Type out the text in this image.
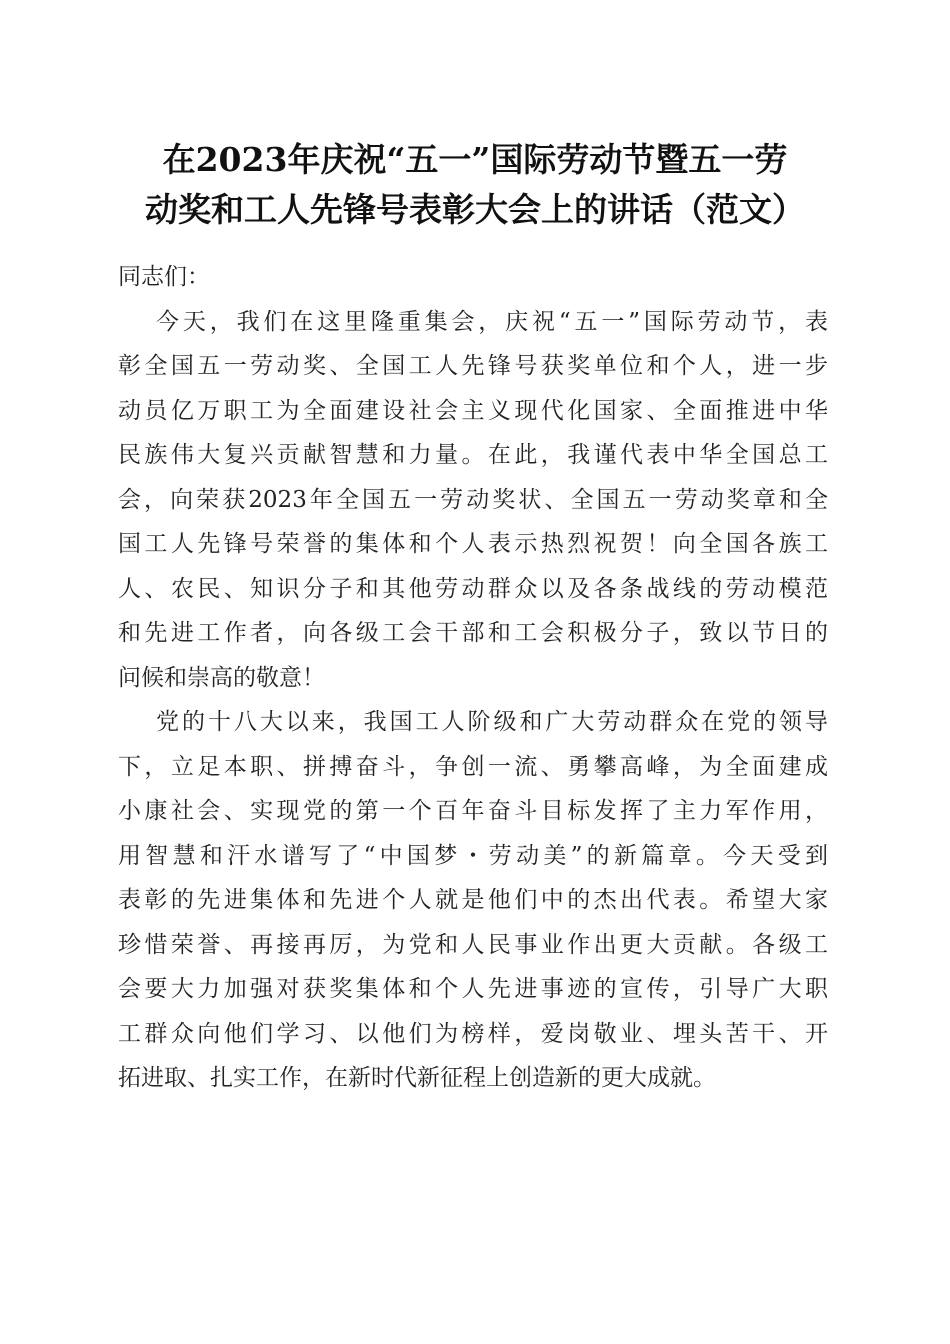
在2023年庆祝“五一”国际劳动节暨五一劳
动奖和工人先锋号表彰大会上的讲话（范文）

同志们：

今天，我们在这里隆重集会，庆祝“五一”国际劳动节，表
彰全国五一劳动奖、全国工人先锋号获奖单位和个人，进一步
动员亿万职工为全面建设社会主义现代化国家、全面推进中华
民族伟大复兴贡献智慧和力量。在此，我谨代表中华全国总工
会，向荣获2023年全国五一劳动奖状、全国五一劳动奖章和全
国工人先锋号荣誉的集体和个人表示热烈祝贺！向全国各族工
人、农民、知识分子和其他劳动群众以及各条战线的劳动模范
和先进工作者，向各级工会干部和工会积极分子，致以节日的
问候和崇高的敬意！

党的十八大以来，我国工人阶级和广大劳动群众在党的领导
下，立足本职、拼搏奋斗，争创一流、勇攀高峰，为全面建成
小康社会、实现党的第一个百年奋斗目标发挥了主力军作用，
用智慧和汗水谱写了“中国梦・劳动美”的新篇章。今天受到
表彰的先进集体和先进个人就是他们中的杰出代表。希望大家
珍惜荣誉、再接再厉，为党和人民事业作出更大贡献。各级工
会要大力加强对获奖集体和个人先进事迹的宣传，引导广大职
工群众向他们学习、以他们为榜样，爱岗敬业、埋头苦干、开
拓进取、扎实工作，在新时代新征程上创造新的更大成就。
